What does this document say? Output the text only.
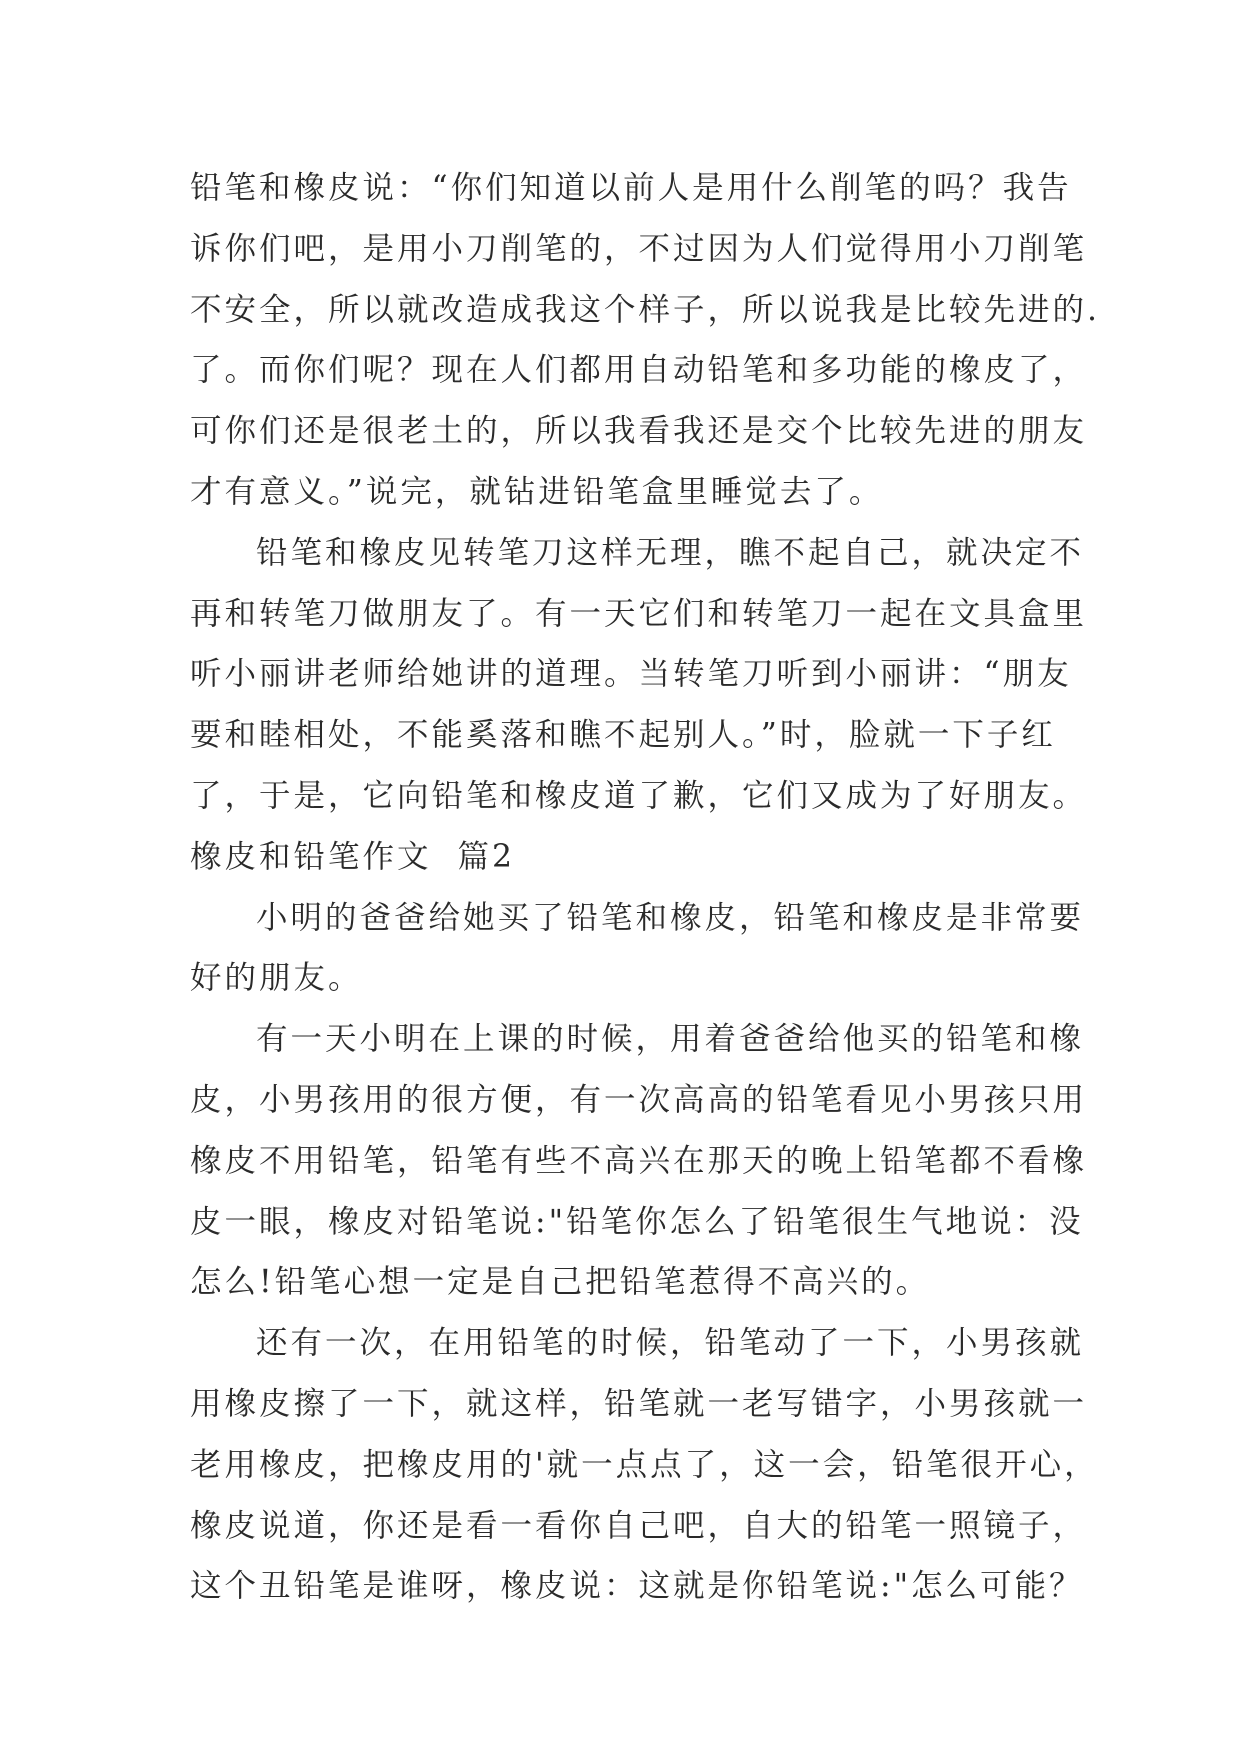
铅笔和橡皮说：“你们知道以前人是用什么削笔的吗？我告
诉你们吧，是用小刀削笔的，不过因为人们觉得用小刀削笔
不安全，所以就改造成我这个样子，所以说我是比较先进的.
了。而你们呢？现在人们都用自动铅笔和多功能的橡皮了，
可你们还是很老土的，所以我看我还是交个比较先进的朋友
才有意义。”说完，就钻进铅笔盒里睡觉去了。
铅笔和橡皮见转笔刀这样无理，瞧不起自己，就决定不
再和转笔刀做朋友了。有一天它们和转笔刀一起在文具盒里
听小丽讲老师给她讲的道理。当转笔刀听到小丽讲：“朋友
要和睦相处，不能奚落和瞧不起别人。”时，脸就一下子红
了，于是，它向铅笔和橡皮道了歉，它们又成为了好朋友。
橡皮和铅笔作文  篇2
小明的爸爸给她买了铅笔和橡皮，铅笔和橡皮是非常要
好的朋友。
有一天小明在上课的时候，用着爸爸给他买的铅笔和橡
皮，小男孩用的很方便，有一次高高的铅笔看见小男孩只用
橡皮不用铅笔，铅笔有些不高兴在那天的晚上铅笔都不看橡
皮一眼，橡皮对铅笔说:"铅笔你怎么了铅笔很生气地说：没
怎么!铅笔心想一定是自己把铅笔惹得不高兴的。
还有一次，在用铅笔的时候，铅笔动了一下，小男孩就
用橡皮擦了一下，就这样，铅笔就一老写错字，小男孩就一
老用橡皮，把橡皮用的'就一点点了，这一会，铅笔很开心，
橡皮说道，你还是看一看你自己吧，自大的铅笔一照镜子，
这个丑铅笔是谁呀，橡皮说：这就是你铅笔说:"怎么可能？
